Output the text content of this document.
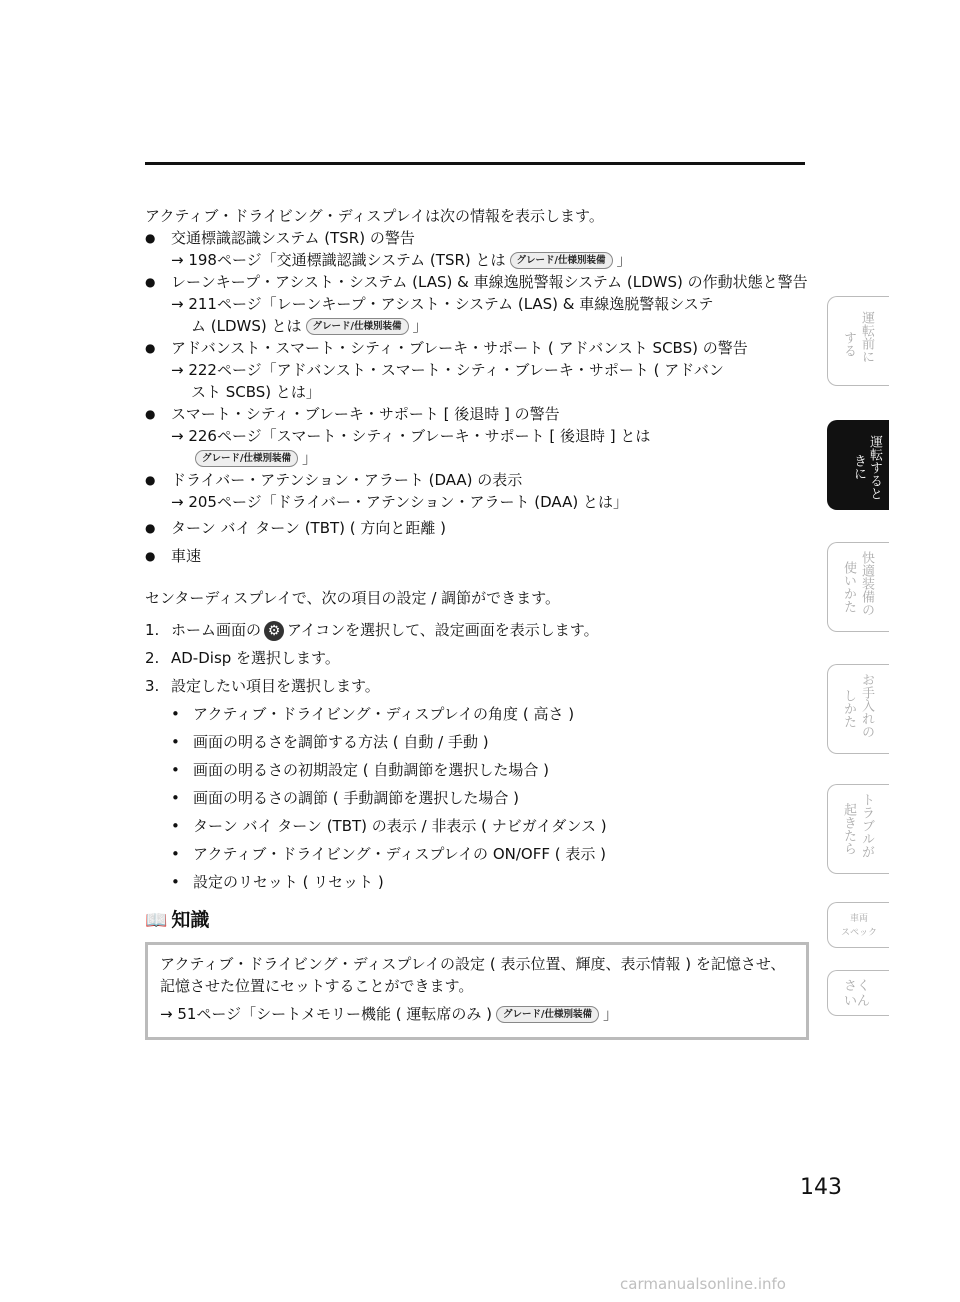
アクティブ・ドライビング・ディスプレイは次の情報を表示します。

● 交通標識認識システム (TSR) の警告
→ 198ページ「交通標識認識システム (TSR) とは グレード/仕様別装備 」
● レーンキープ・アシスト・システム (LAS) & 車線逸脱警報システム (LDWS) の作動状態と警告
→ 211ページ「レーンキープ・アシスト・システム (LAS) & 車線逸脱警報システ
ム (LDWS) とは グレード/仕様別装備 」
● アドバンスト・スマート・シティ・ブレーキ・サポート ( アドバンスト SCBS) の警告
→ 222ページ「アドバンスト・スマート・シティ・ブレーキ・サポート ( アドバン
スト SCBS) とは」
● スマート・シティ・ブレーキ・サポート [ 後退時 ] の警告
→ 226ページ「スマート・シティ・ブレーキ・サポート [ 後退時 ] とは
グレード/仕様別装備 」
● ドライバー・アテンション・アラート (DAA) の表示
→ 205ページ「ドライバー・アテンション・アラート (DAA) とは」
● ターン バイ ターン (TBT) ( 方向と距離 )
● 車速

センターディスプレイで、次の項目の設定 / 調節ができます。

1. ホーム画面の ⚙ アイコンを選択して、設定画面を表示します。
2. AD-Disp を選択します。
3. 設定したい項目を選択します。
• アクティブ・ドライビング・ディスプレイの角度 ( 高さ )
• 画面の明るさを調節する方法 ( 自動 / 手動 )
• 画面の明るさの初期設定 ( 自動調節を選択した場合 )
• 画面の明るさの調節 ( 手動調節を選択した場合 )
• ターン バイ ターン (TBT) の表示 / 非表示 ( ナビガイダンス )
• アクティブ・ドライビング・ディスプレイの ON/OFF ( 表示 )
• 設定のリセット ( リセット )
📖 知識
アクティブ・ドライビング・ディスプレイの設定 ( 表示位置、輝度、表示情報 ) を記憶させ、記憶させた位置にセットすることができます。
→ 51ページ「シートメモリー機能 ( 運転席のみ ) グレード/仕様別装備 」
運転前に
する
運転するときに
快適装備の
使いかた
お手入れの
しかた
トラブルが
起きたら
車両
スペック
さく
いん
143
carmanualsonline.info
